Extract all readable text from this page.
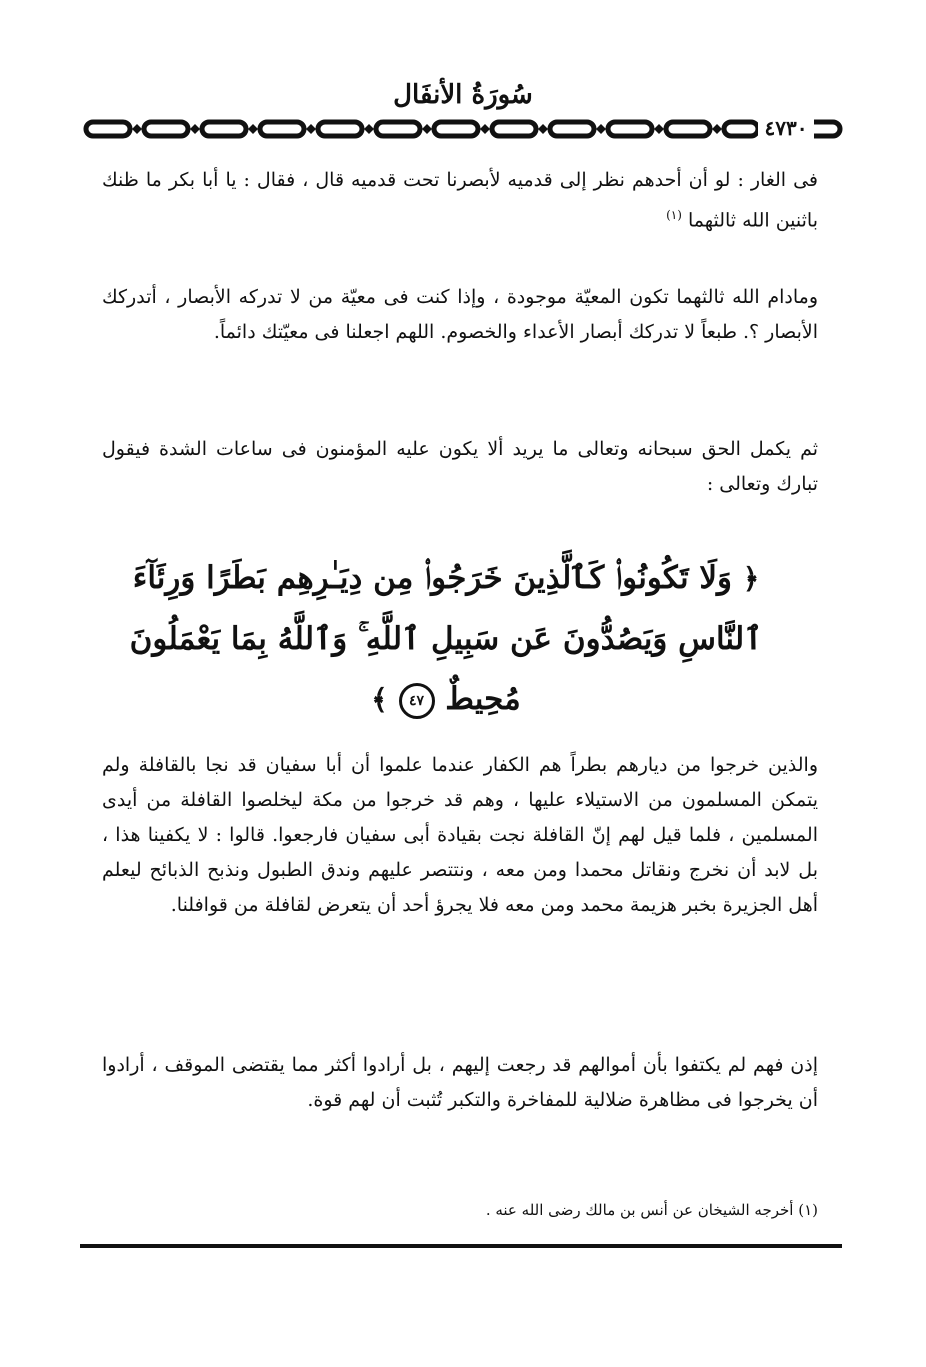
سُورَةُ الأنفَال
٤٧٣٠
فى الغار : لو أن أحدهم نظر إلى قدميه لأبصرنا تحت قدميه قال ، فقال : يا أبا بكر ما ظنك باثنين الله ثالثهما $^{(١)}$
ومادام الله ثالثهما تكون المعيّة موجودة ، وإذا كنت فى معيّة من لا تدركه الأبصار ، أتدركك الأبصار ؟. طبعاً لا تدركك أبصار الأعداء والخصوم. اللهم اجعلنا فى معيّتك دائماً.
ثم يكمل الحق سبحانه وتعالى ما يريد ألا يكون عليه المؤمنون فى ساعات الشدة فيقول تبارك وتعالى :
﴿ وَلَا تَكُونُوا۟ كَٱلَّذِينَ خَرَجُوا۟ مِن دِيَـٰرِهِم بَطَرًا وَرِئَآءَ ٱلنَّاسِ وَيَصُدُّونَ عَن سَبِيلِ ٱللَّهِ ۚ وَٱللَّهُ بِمَا يَعْمَلُونَ مُحِيطٌ ٤٧ ﴾
والذين خرجوا من ديارهم بطراً هم الكفار عندما علموا أن أبا سفيان قد نجا بالقافلة ولم يتمكن المسلمون من الاستيلاء عليها ، وهم قد خرجوا من مكة ليخلصوا القافلة من أيدى المسلمين ، فلما قيل لهم إنّ القافلة نجت بقيادة أبى سفيان فارجعوا. قالوا : لا يكفينا هذا ، بل لابد أن نخرج ونقاتل محمدا ومن معه ، ونتتصر عليهم وندق الطبول ونذبح الذبائح ليعلم أهل الجزيرة بخبر هزيمة محمد ومن معه فلا يجرؤ أحد أن يتعرض لقافلة من قوافلنا.
إذن فهم لم يكتفوا بأن أموالهم قد رجعت إليهم ، بل أرادوا أكثر مما يقتضى الموقف ، أرادوا أن يخرجوا فى مظاهرة ضلالية للمفاخرة والتكبر تُثبت أن لهم قوة.
(١) أخرجه الشيخان عن أنس بن مالك رضى الله عنه .
